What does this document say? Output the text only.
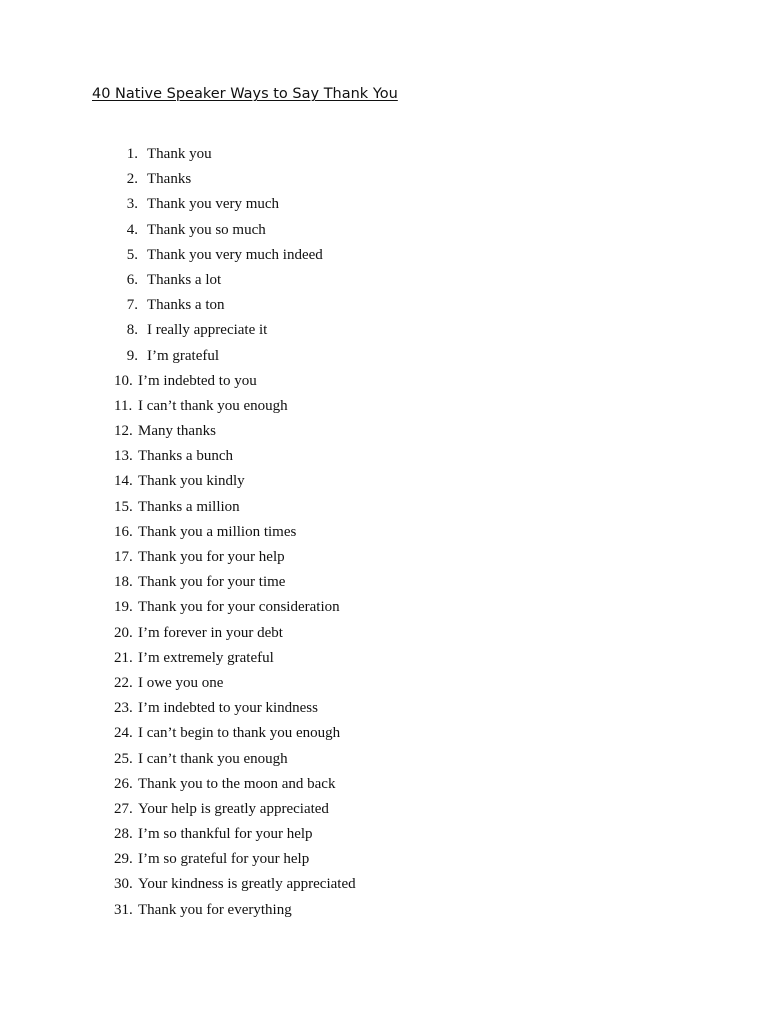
40 Native Speaker Ways to Say Thank You
1. Thank you
2. Thanks
3. Thank you very much
4. Thank you so much
5. Thank you very much indeed
6. Thanks a lot
7. Thanks a ton
8. I really appreciate it
9. I’m grateful
10. I’m indebted to you
11. I can’t thank you enough
12. Many thanks
13. Thanks a bunch
14. Thank you kindly
15. Thanks a million
16. Thank you a million times
17. Thank you for your help
18. Thank you for your time
19. Thank you for your consideration
20. I’m forever in your debt
21. I’m extremely grateful
22. I owe you one
23. I’m indebted to your kindness
24. I can’t begin to thank you enough
25. I can’t thank you enough
26. Thank you to the moon and back
27. Your help is greatly appreciated
28. I’m so thankful for your help
29. I’m so grateful for your help
30. Your kindness is greatly appreciated
31. Thank you for everything
